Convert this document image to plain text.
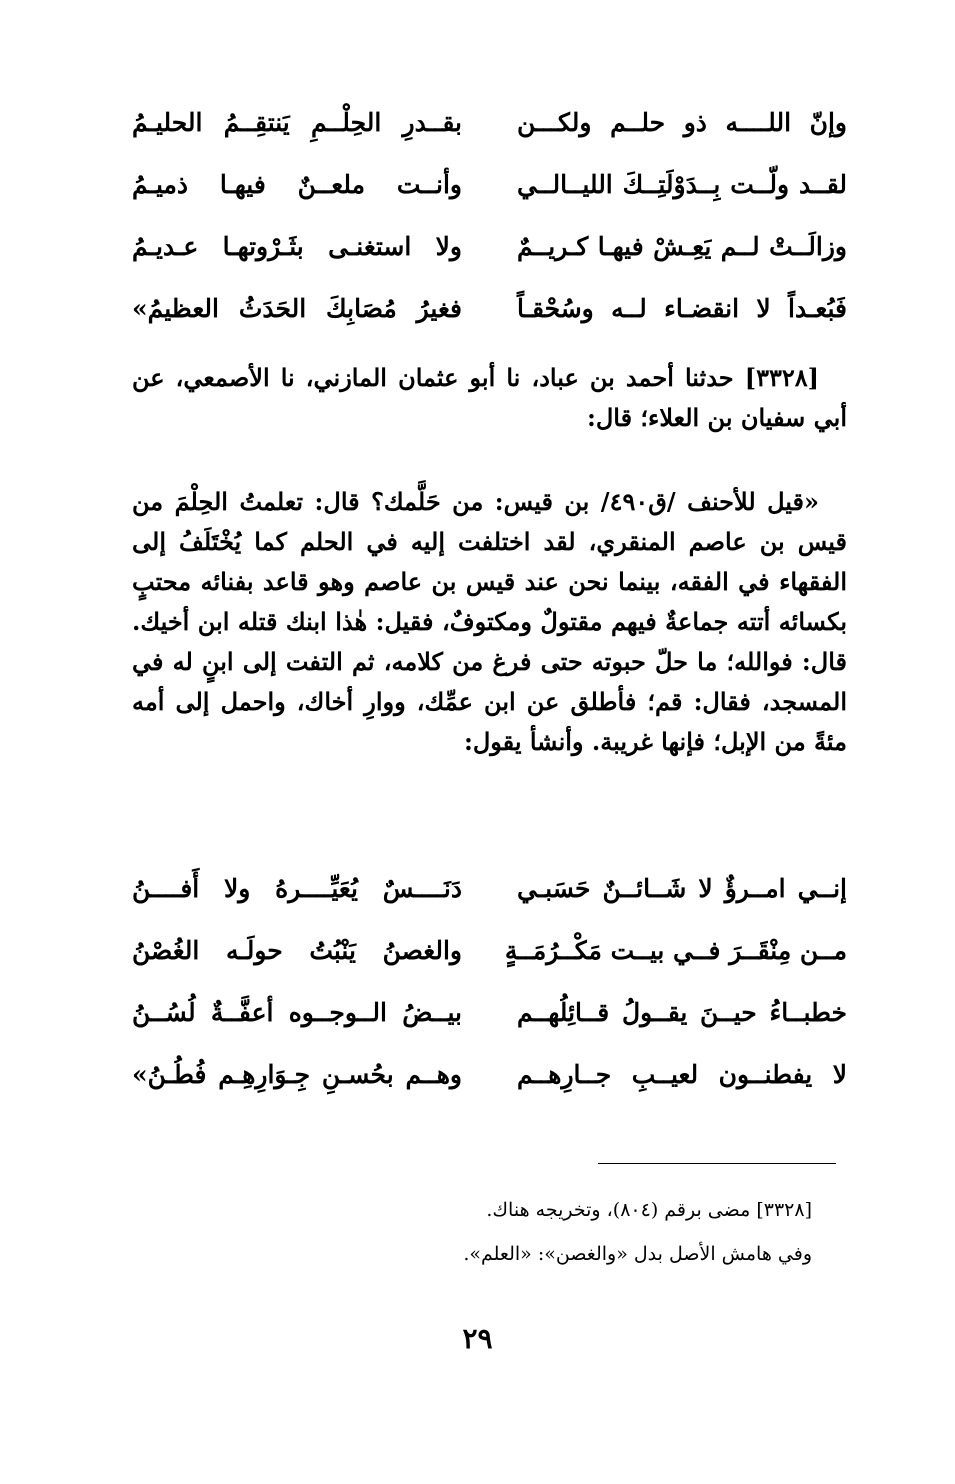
وإنّ اللــــه ذو حلــم ولكـــن
بقــدرِ الحِلْــمِ يَنتقِــمُ الحليـمُ
لقــد ولّــت بِــدَوْلَتِــكَ الليــالــي
وأنــت ملعــنٌ فيهـا ذميـمُ
وزالَــتْ لــم يَعِـشْ فيهـا كـريــمٌ
ولا استغنـى بثَـرْوتهـا عـديـمُ
فَبُعـداً لا انقضـاء لــه وسُحْقـاً
فغيرُ مُصَابِكَ الحَدَثُ العظيمُ»

[٣٣٢٨] حدثنا أحمد بن عباد، نا أبو عثمان المازني، نا الأصمعي، عن أبي سفيان بن العلاء؛ قال:

«قيل للأحنف /ق٤٩٠/ بن قيس: من حَلَّمك؟ قال: تعلمتُ الحِلْمَ من قيس بن عاصم المنقري، لقد اختلفت إليه في الحلم كما يُخْتَلَفُ إلى الفقهاء في الفقه، بينما نحن عند قيس بن عاصم وهو قاعد بفنائه محتبٍ بكسائه أتته جماعةٌ فيهم مقتولٌ ومكتوفٌ، فقيل: هٰذا ابنك قتله ابن أخيك. قال: فوالله؛ ما حلّ حبوته حتى فرغ من كلامه، ثم التفت إلى ابنٍ له في المسجد، فقال: قم؛ فأطلق عن ابن عمِّك، ووارِ أخاك، واحمل إلى أمه مئةً من الإبل؛ فإنها غريبة. وأنشأ يقول:

إنــي امــرؤٌ لا شَــائــنٌ حَسَبـي
دَنَــــسٌ يُعَيِّــــرهُ ولا أَفــــنُ
مــن مِنْقَــرَ فــي بيــت مَكْــرُمَــةٍ
والغصنُ يَنْبُتُ حولَـه الغُصْنُ
خطبــاءُ حيــنَ يقــولُ قــائِلُهــم
بيــضُ الــوجــوه أعفَّــةٌ لُسُــنُ
لا يفطنــون لعيــبِ جــارِهــم
وهــم بحُسـنِ جِـوَارِهِـم فُطُـنُ»
[٣٣٢٨] مضى برقم (٨٠٤)، وتخريجه هناك.
وفي هامش الأصل بدل «والغصن»: «العلم».
٢٩
